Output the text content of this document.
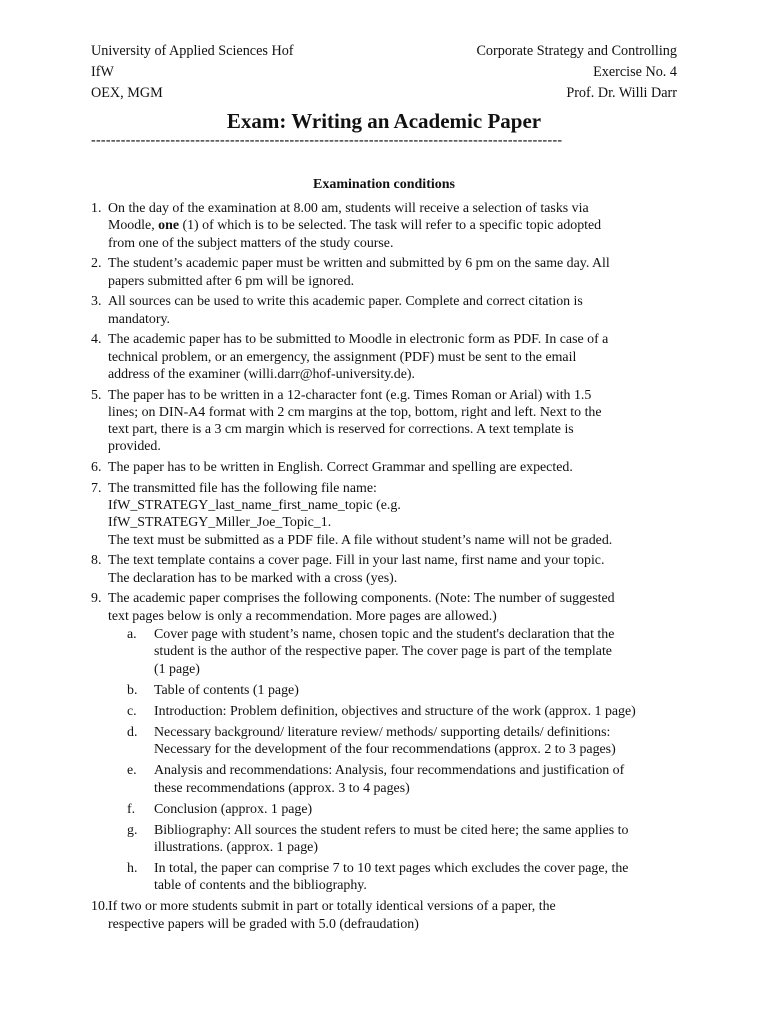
University of Applied Sciences Hof	Corporate Strategy and Controlling
IfW	Exercise No. 4
OEX, MGM	Prof. Dr. Willi Darr
Exam: Writing an Academic Paper
-----------------------------------------------------------------------------------------------
Examination conditions
1. On the day of the examination at 8.00 am, students will receive a selection of tasks via
Moodle, one (1) of which is to be selected. The task will refer to a specific topic adopted
from one of the subject matters of the study course.
2. The student’s academic paper must be written and submitted by 6 pm on the same day. All
papers submitted after 6 pm will be ignored.
3. All sources can be used to write this academic paper. Complete and correct citation is
mandatory.
4. The academic paper has to be submitted to Moodle in electronic form as PDF. In case of a
technical problem, or an emergency, the assignment (PDF) must be sent to the email
address of the examiner (willi.darr@hof-university.de).
5. The paper has to be written in a 12-character font (e.g. Times Roman or Arial) with 1.5
lines; on DIN-A4 format with 2 cm margins at the top, bottom, right and left. Next to the
text part, there is a 3 cm margin which is reserved for corrections. A text template is
provided.
6. The paper has to be written in English. Correct Grammar and spelling are expected.
7. The transmitted file has the following file name:
IfW_STRATEGY_last_name_first_name_topic (e.g.
IfW_STRATEGY_Miller_Joe_Topic_1.
The text must be submitted as a PDF file. A file without student’s name will not be graded.
8. The text template contains a cover page. Fill in your last name, first name and your topic.
The declaration has to be marked with a cross (yes).
9. The academic paper comprises the following components. (Note: The number of suggested
text pages below is only a recommendation. More pages are allowed.)
a. Cover page with student’s name, chosen topic and the student's declaration that the
student is the author of the respective paper. The cover page is part of the template
(1 page)
b. Table of contents (1 page)
c. Introduction: Problem definition, objectives and structure of the work (approx. 1 page)
d. Necessary background/ literature review/ methods/ supporting details/ definitions:
Necessary for the development of the four recommendations (approx. 2 to 3 pages)
e. Analysis and recommendations: Analysis, four recommendations and justification of
these recommendations (approx. 3 to 4 pages)
f. Conclusion (approx. 1 page)
g. Bibliography: All sources the student refers to must be cited here; the same applies to
illustrations. (approx. 1 page)
h. In total, the paper can comprise 7 to 10 text pages which excludes the cover page, the
table of contents and the bibliography.
10. If two or more students submit in part or totally identical versions of a paper, the
respective papers will be graded with 5.0 (defraudation)
